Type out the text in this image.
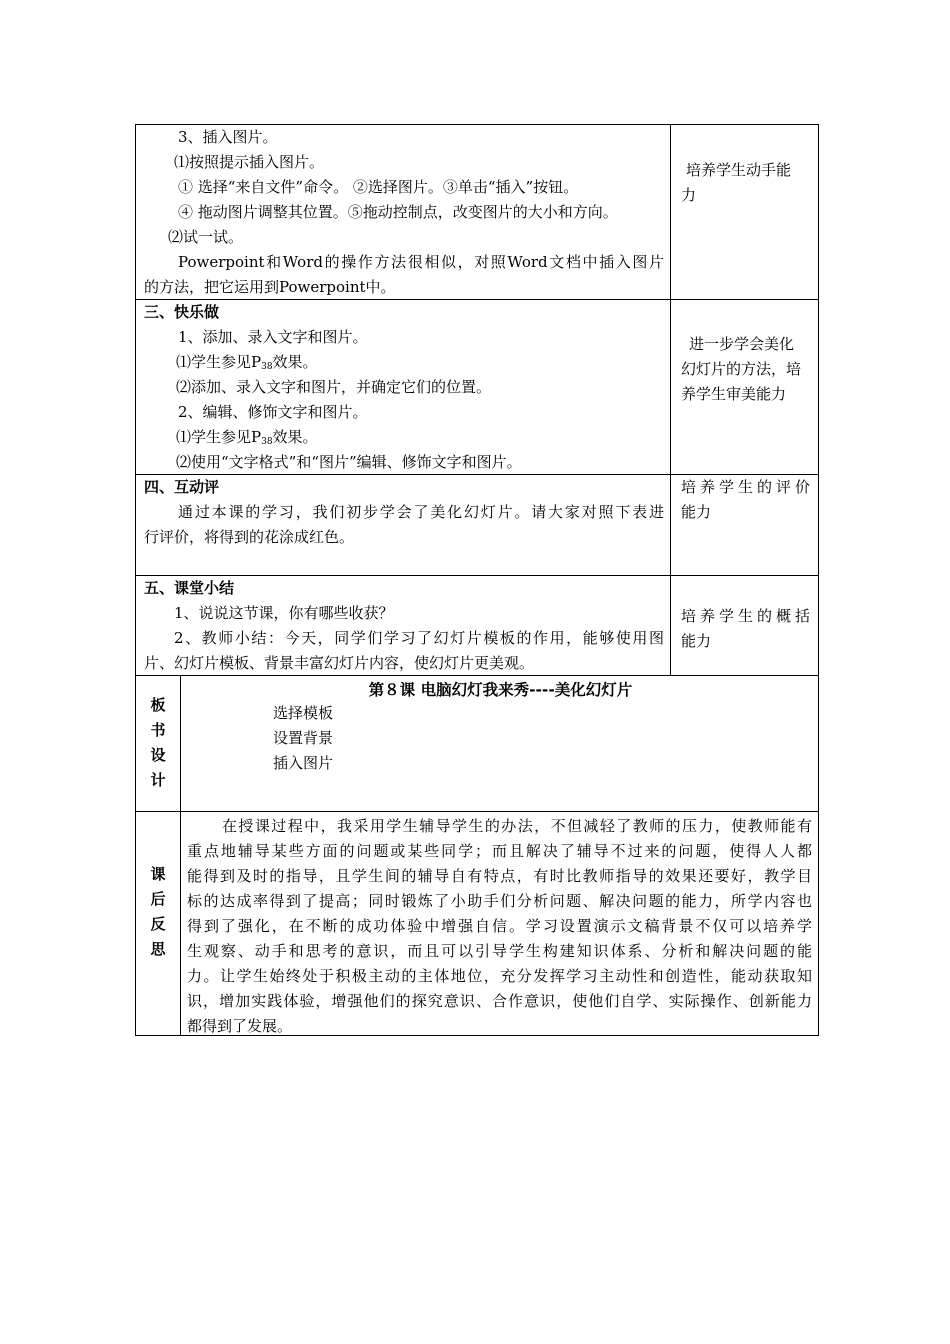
3、插入图片。
⑴按照提示插入图片。
① 选择“来自文件”命令。 ②选择图片。③单击“插入”按钮。
④ 拖动图片调整其位置。⑤拖动控制点，改变图片的大小和方向。
⑵试一试。
Powerpoint和Word的操作方法很相似，对照Word文档中插入图片
的方法，把它运用到Powerpoint中。
培养学生动手能
力
三、快乐做
1、添加、录入文字和图片。
⑴学生参见$P_{38}$效果。
⑵添加、录入文字和图片，并确定它们的位置。
2、编辑、修饰文字和图片。
⑴学生参见$P_{38}$效果。
⑵使用“文字格式”和“图片”编辑、修饰文字和图片。
进一步学会美化
幻灯片的方法，培
养学生审美能力
四、互动评
通过本课的学习，我们初步学会了美化幻灯片。请大家对照下表进
行评价，将得到的花涂成红色。
培养学生的评价
能力
五、课堂小结
1、说说这节课，你有哪些收获？
2、教师小结：今天，同学们学习了幻灯片模板的作用，能够使用图
片、幻灯片模板、背景丰富幻灯片内容，使幻灯片更美观。
培养学生的概括
能力
板
书
设
计
第８课 电脑幻灯我来秀----美化幻灯片
选择模板
设置背景
插入图片
课
后
反
思
在授课过程中，我采用学生辅导学生的办法，不但减轻了教师的压力，使教师能有
重点地辅导某些方面的问题或某些同学；而且解决了辅导不过来的问题，使得人人都
能得到及时的指导，且学生间的辅导自有特点，有时比教师指导的效果还要好，教学目
标的达成率得到了提高；同时锻炼了小助手们分析问题、解决问题的能力，所学内容也
得到了强化，在不断的成功体验中增强自信。学习设置演示文稿背景不仅可以培养学
生观察、动手和思考的意识，而且可以引导学生构建知识体系、分析和解决问题的能
力。让学生始终处于积极主动的主体地位，充分发挥学习主动性和创造性，能动获取知
识，增加实践体验，增强他们的探究意识、合作意识，使他们自学、实际操作、创新能力
都得到了发展。
